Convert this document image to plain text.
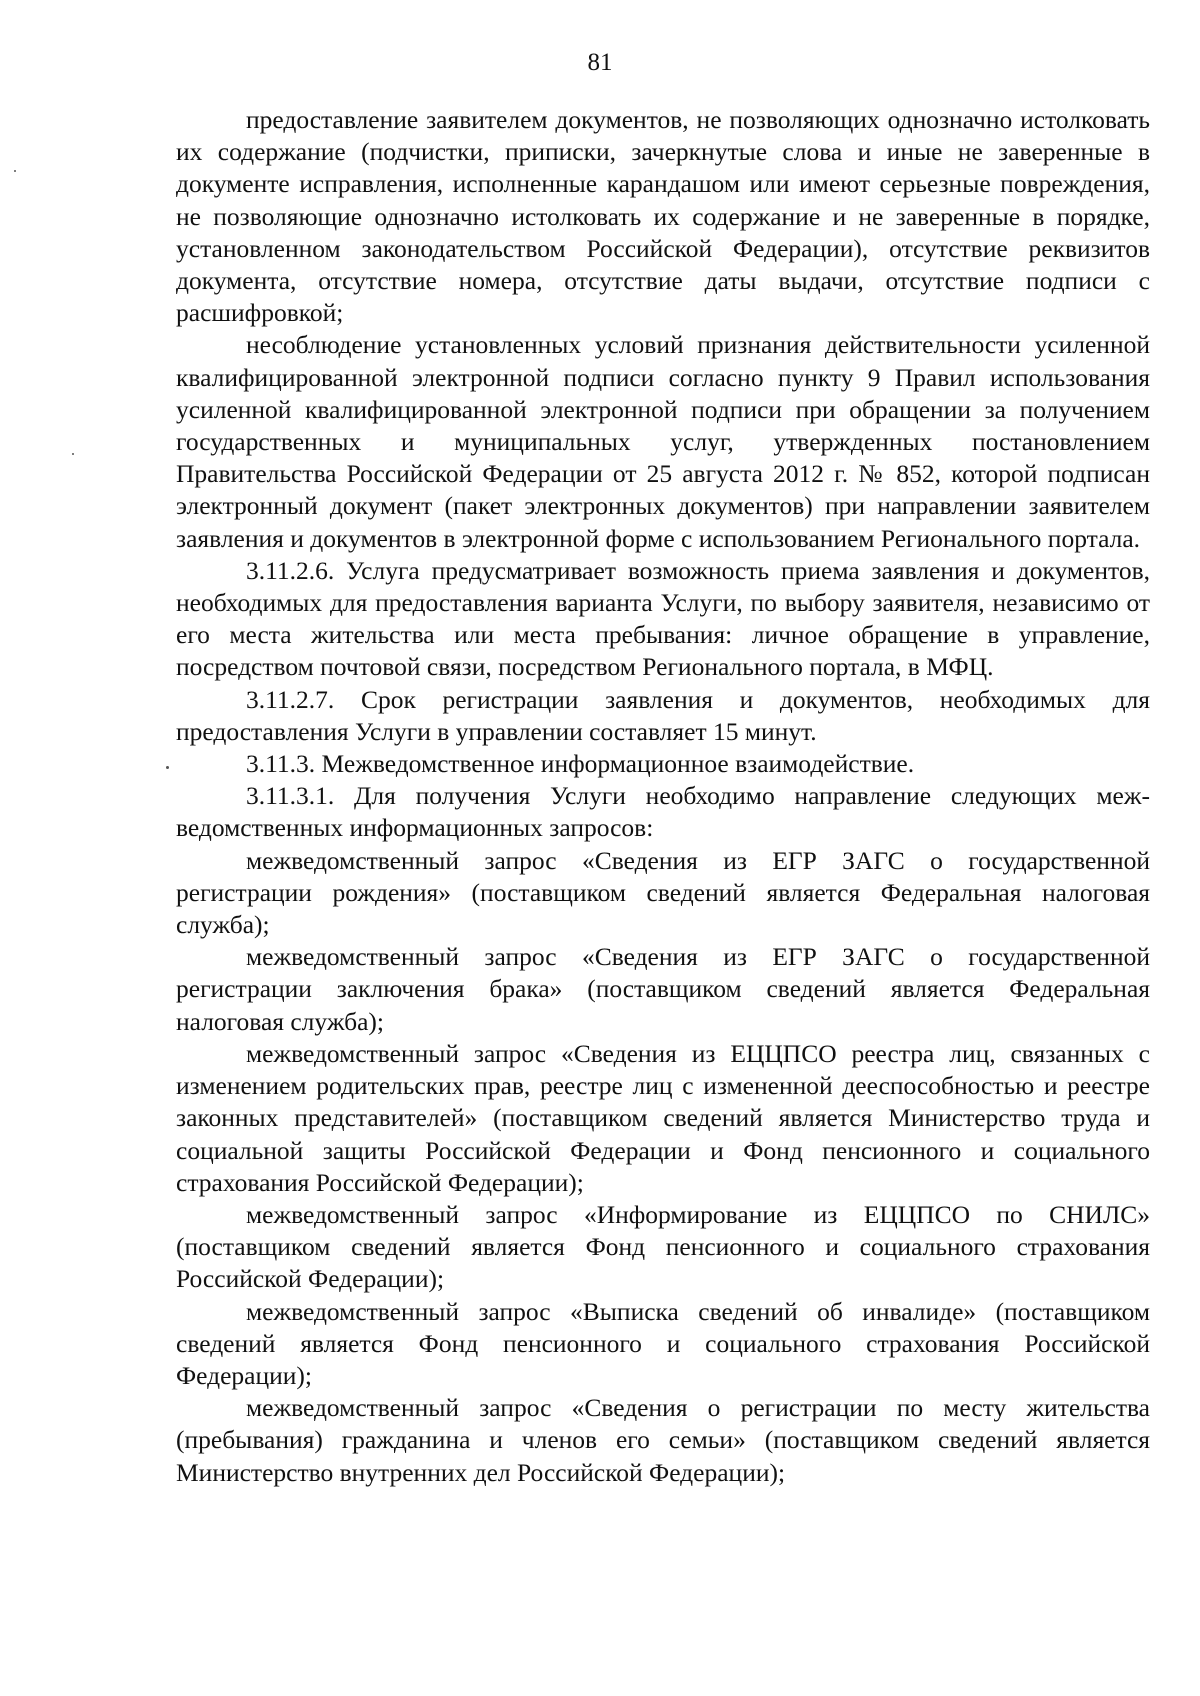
81

предоставление заявителем документов, не позволяющих однозначно истолковать их содержание (подчистки, приписки, зачеркнутые слова и иные не заверенные в документе исправления, исполненные карандашом или имеют серьезные повреждения, не позволяющие однозначно истолковать их содержание и не заверенные в порядке, установленном законодательством Российской Федерации), отсутствие реквизитов документа, отсутствие номера, отсутствие даты выдачи, отсутствие подписи с расшифровкой;

несоблюдение установленных условий признания действительности усиленной квалифицированной электронной подписи согласно пункту 9 Правил использования усиленной квалифицированной электронной подписи при обращении за получением государственных и муниципальных услуг, утвержденных постановлением Правительства Российской Федерации от 25 августа 2012 г. № 852, которой подписан электронный документ (пакет электронных документов) при направлении заявителем заявления и документов в электронной форме с использованием Регионального портала.

3.11.2.6. Услуга предусматривает возможность приема заявления и документов, необходимых для предоставления варианта Услуги, по выбору заявителя, независимо от его места жительства или места пребывания: личное обращение в управление, посредством почтовой связи, посредством Регионального портала, в МФЦ.

3.11.2.7. Срок регистрации заявления и документов, необходимых для предоставления Услуги в управлении составляет 15 минут.

3.11.3. Межведомственное информационное взаимодействие.

3.11.3.1. Для получения Услуги необходимо направление следующих межведомственных информационных запросов:

межведомственный запрос «Сведения из ЕГР ЗАГС о государственной регистрации рождения» (поставщиком сведений является Федеральная налоговая служба);

межведомственный запрос «Сведения из ЕГР ЗАГС о государственной регистрации заключения брака» (поставщиком сведений является Федеральная налоговая служба);

межведомственный запрос «Сведения из ЕЦЦПСО реестра лиц, связанных с изменением родительских прав, реестре лиц с измененной дееспособностью и реестре законных представителей» (поставщиком сведений является Министерство труда и социальной защиты Российской Федерации и Фонд пенсионного и социального страхования Российской Федерации);

межведомственный запрос «Информирование из ЕЦЦПСО по СНИЛС» (поставщиком сведений является Фонд пенсионного и социального страхования Российской Федерации);

межведомственный запрос «Выписка сведений об инвалиде» (поставщиком сведений является Фонд пенсионного и социального страхования Российской Федерации);

межведомственный запрос «Сведения о регистрации по месту жительства (пребывания) гражданина и членов его семьи» (поставщиком сведений является Министерство внутренних дел Российской Федерации);
